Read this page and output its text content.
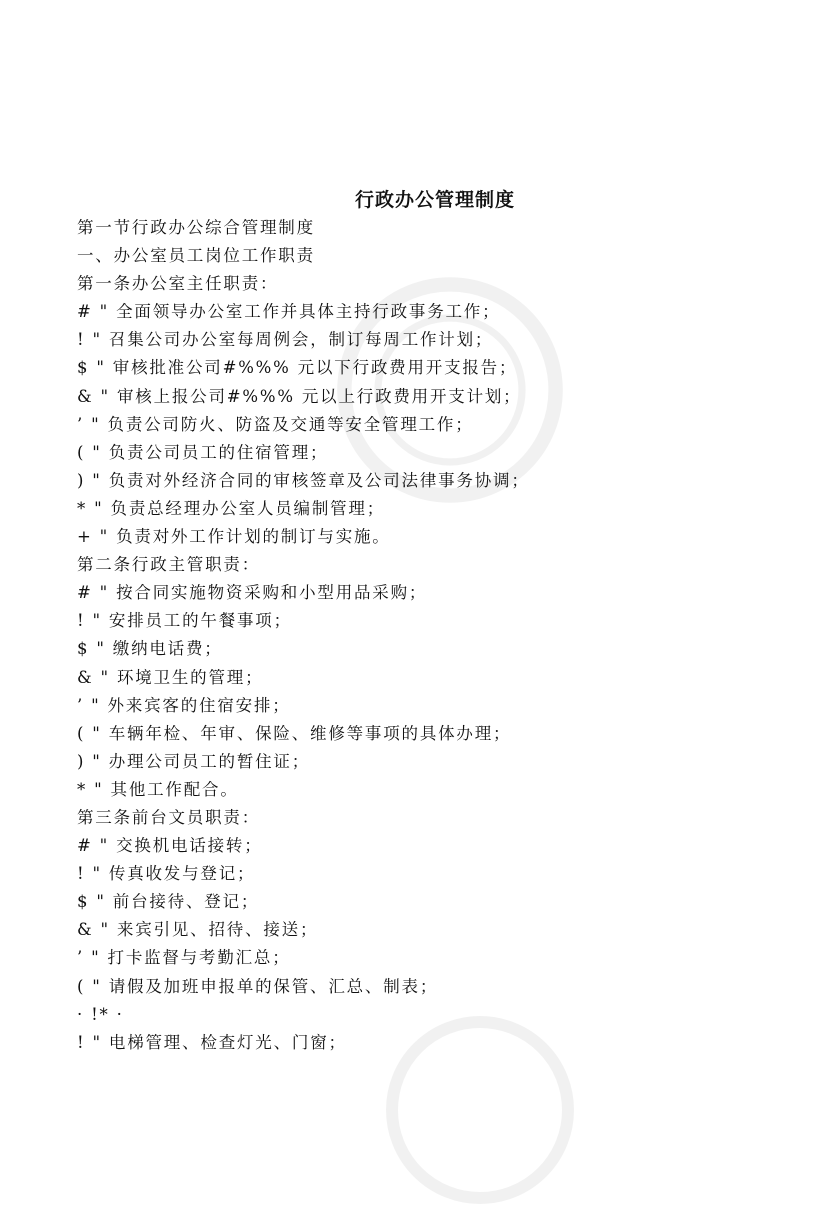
行政办公管理制度
第一节行政办公综合管理制度
一、办公室员工岗位工作职责
第一条办公室主任职责：
# " 全面领导办公室工作并具体主持行政事务工作；
! " 召集公司办公室每周例会，制订每周工作计划；
$ " 审核批准公司#%%% 元以下行政费用开支报告；
& " 审核上报公司#%%% 元以上行政费用开支计划；
’ " 负责公司防火、防盗及交通等安全管理工作；
( " 负责公司员工的住宿管理；
) " 负责对外经济合同的审核签章及公司法律事务协调；
* " 负责总经理办公室人员编制管理；
+ " 负责对外工作计划的制订与实施。
第二条行政主管职责：
# " 按合同实施物资采购和小型用品采购；
! " 安排员工的午餐事项；
$ " 缴纳电话费；
& " 环境卫生的管理；
’ " 外来宾客的住宿安排；
( " 车辆年检、年审、保险、维修等事项的具体办理；
) " 办理公司员工的暂住证；
* " 其他工作配合。
第三条前台文员职责：
# " 交换机电话接转；
! " 传真收发与登记；
$ " 前台接待、登记；
& " 来宾引见、招待、接送；
’ " 打卡监督与考勤汇总；
( " 请假及加班申报单的保管、汇总、制表；
· !* ·
! " 电梯管理、检查灯光、门窗；
